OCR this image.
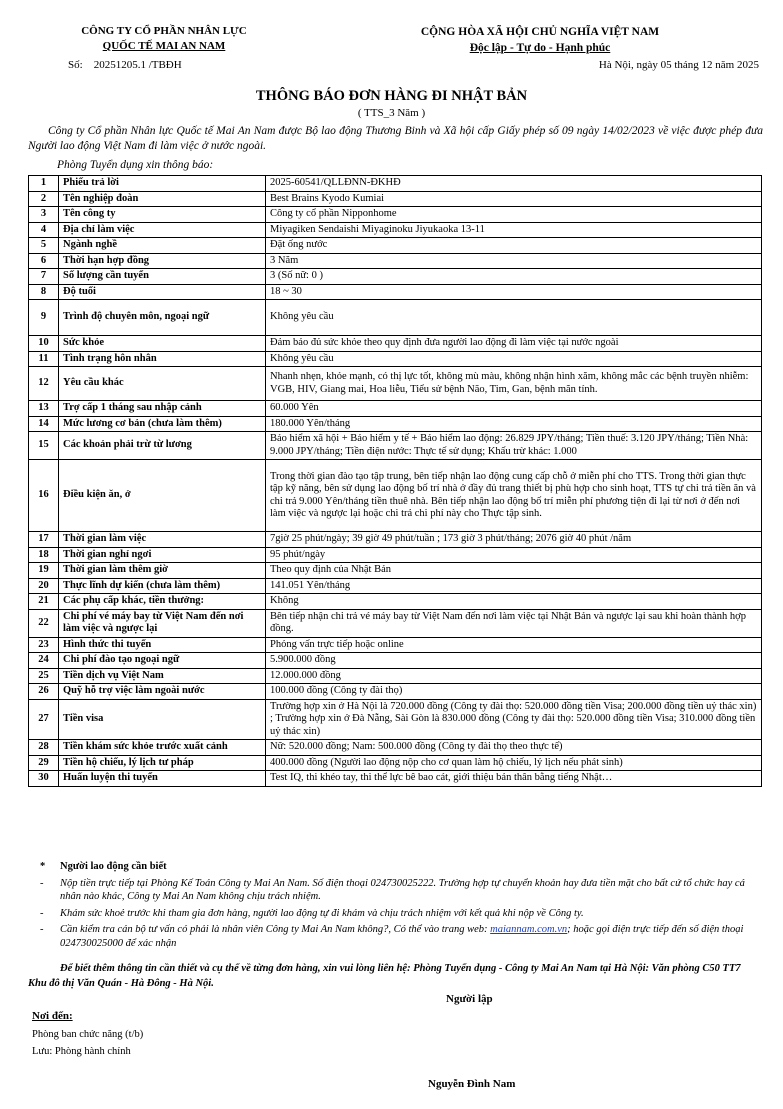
CÔNG TY CỔ PHẦN NHÂN LỰC
QUỐC TẾ MAI AN NAM
Số: 20251205.1 /TBĐH
CỘNG HÒA XÃ HỘI CHỦ NGHĨA VIỆT NAM
Độc lập - Tự do - Hạnh phúc
Hà Nội, ngày 05 tháng 12 năm 2025
THÔNG BÁO ĐƠN HÀNG ĐI NHẬT BẢN
( TTS_3 Năm )
Công ty Cổ phần Nhân lực Quốc tế Mai An Nam được Bộ lao động Thương Binh và Xã hội cấp Giấy phép số 09 ngày 14/02/2023 về việc được phép đưa Người lao động Việt Nam đi làm việc ở nước ngoài.
Phòng Tuyển dụng xin thông báo:
1	Phiếu trả lời	2025-60541/QLLĐNN-ĐKHĐ
2	Tên nghiệp đoàn	Best Brains Kyodo Kumiai
3	Tên công ty	Công ty cổ phần Nipponhome
4	Địa chỉ làm việc	Miyagiken Sendaishi Miyaginoku Jiyukaoka 13-11
5	Ngành nghề	Đặt ống nước
6	Thời hạn hợp đồng	3 Năm
7	Số lượng cần tuyển	3 (Số nữ: 0 )
8	Độ tuổi	18 ~ 30
9	Trình độ chuyên môn, ngoại ngữ	Không yêu cầu
10	Sức khỏe	Đảm bảo đủ sức khỏe theo quy định đưa người lao động đi làm việc tại nước ngoài
11	Tình trạng hôn nhân	Không yêu cầu
12	Yêu cầu khác	Nhanh nhẹn, khỏe mạnh, có thị lực tốt, không mù màu, không nhận hình xăm, không mắc các bệnh truyền nhiễm: VGB, HIV, Giang mai, Hoa liễu, Tiểu sử bệnh Não, Tim, Gan, bệnh mãn tính.
13	Trợ cấp 1 tháng sau nhập cảnh	60.000 Yên
14	Mức lương cơ bản (chưa làm thêm)	180.000 Yên/tháng
15	Các khoản phải trừ từ lương	Bảo hiểm xã hội + Bảo hiểm y tế + Bảo hiểm lao động: 26.829 JPY/tháng; Tiền thuế: 3.120 JPY/tháng; Tiền Nhà: 9.000 JPY/tháng; Tiền điện nước: Thực tế sử dụng; Khấu trừ khác: 1.000
16	Điều kiện ăn, ở	Trong thời gian đào tạo tập trung, bên tiếp nhận lao động cung cấp chỗ ở miễn phí cho TTS. Trong thời gian thực tập kỹ năng, bên sử dụng lao động bố trí nhà ở đầy đủ trang thiết bị phù hợp cho sinh hoạt, TTS tự chi trả tiền ăn và chi trả 9.000 Yên/tháng tiền thuê nhà. Bên tiếp nhận lao động bố trí miễn phí phương tiện đi lại từ nơi ở đến nơi làm việc và ngược lại hoặc chi trả chi phí này cho Thực tập sinh.
17	Thời gian làm việc	7giờ 25 phút/ngày; 39 giờ 49 phút/tuần ; 173 giờ 3 phút/tháng; 2076 giờ 40 phút /năm
18	Thời gian nghỉ ngơi	95 phút/ngày
19	Thời gian làm thêm giờ	Theo quy định của Nhật Bản
20	Thực lĩnh dự kiến (chưa làm thêm)	141.051 Yên/tháng
21	Các phụ cấp khác, tiền thưởng:	Không
22	Chi phí vé máy bay từ Việt Nam đến nơi làm việc và ngược lại	Bên tiếp nhận chi trả vé máy bay từ Việt Nam đến nơi làm việc tại Nhật Bản và ngược lại sau khi hoàn thành hợp đồng.
23	Hình thức thi tuyển	Phỏng vấn trực tiếp hoặc online
24	Chi phí đào tạo ngoại ngữ	5.900.000 đồng
25	Tiền dịch vụ Việt Nam	12.000.000 đồng
26	Quỹ hỗ trợ việc làm ngoài nước	100.000 đồng (Công ty đài thọ)
27	Tiền visa	Trường hợp xin ở Hà Nội là 720.000 đồng (Công ty đài thọ: 520.000 đồng tiền Visa; 200.000 đồng tiền uỷ thác xin) ; Trường hợp xin ở Đà Nẵng, Sài Gòn là 830.000 đồng (Công ty đài thọ: 520.000 đồng tiền Visa; 310.000 đồng tiền uỷ thác xin)
28	Tiền khám sức khỏe trước xuất cảnh	Nữ: 520.000 đồng; Nam: 500.000 đồng (Công ty đài thọ theo thực tế)
29	Tiền hộ chiếu, lý lịch tư pháp	400.000 đồng (Người lao động nộp cho cơ quan làm hộ chiếu, lý lịch nếu phát sinh)
30	Huấn luyện thi tuyển	Test IQ, thi khéo tay, thi thể lực bê bao cát, giới thiệu bản thân bằng tiếng Nhật…
* Người lao động cần biết
- Nộp tiền trực tiếp tại Phòng Kế Toán Công ty Mai An Nam. Số điện thoại 024730025222. Trường hợp tự chuyển khoản hay đưa tiền mặt cho bất cứ tổ chức hay cá nhân nào khác, Công ty Mai An Nam không chịu trách nhiệm.
- Khám sức khoẻ trước khi tham gia đơn hàng, người lao động tự đi khám và chịu trách nhiệm với kết quả khi nộp về Công ty.
- Cần kiểm tra cán bộ tư vấn có phải là nhân viên Công ty Mai An Nam không?, Có thể vào trang web: maiannam.com.vn; hoặc gọi điện trực tiếp đến số điện thoại 024730025000 để xác nhận
Để biết thêm thông tin cần thiết và cụ thể về từng đơn hàng, xin vui lòng liên hệ: Phòng Tuyển dụng - Công ty Mai An Nam tại Hà Nội: Văn phòng C50 TT7 Khu đô thị Văn Quán - Hà Đông - Hà Nội.
Người lập
Nơi đến:
Phòng ban chức năng (t/b)
Lưu: Phòng hành chính
Nguyễn Đình Nam
